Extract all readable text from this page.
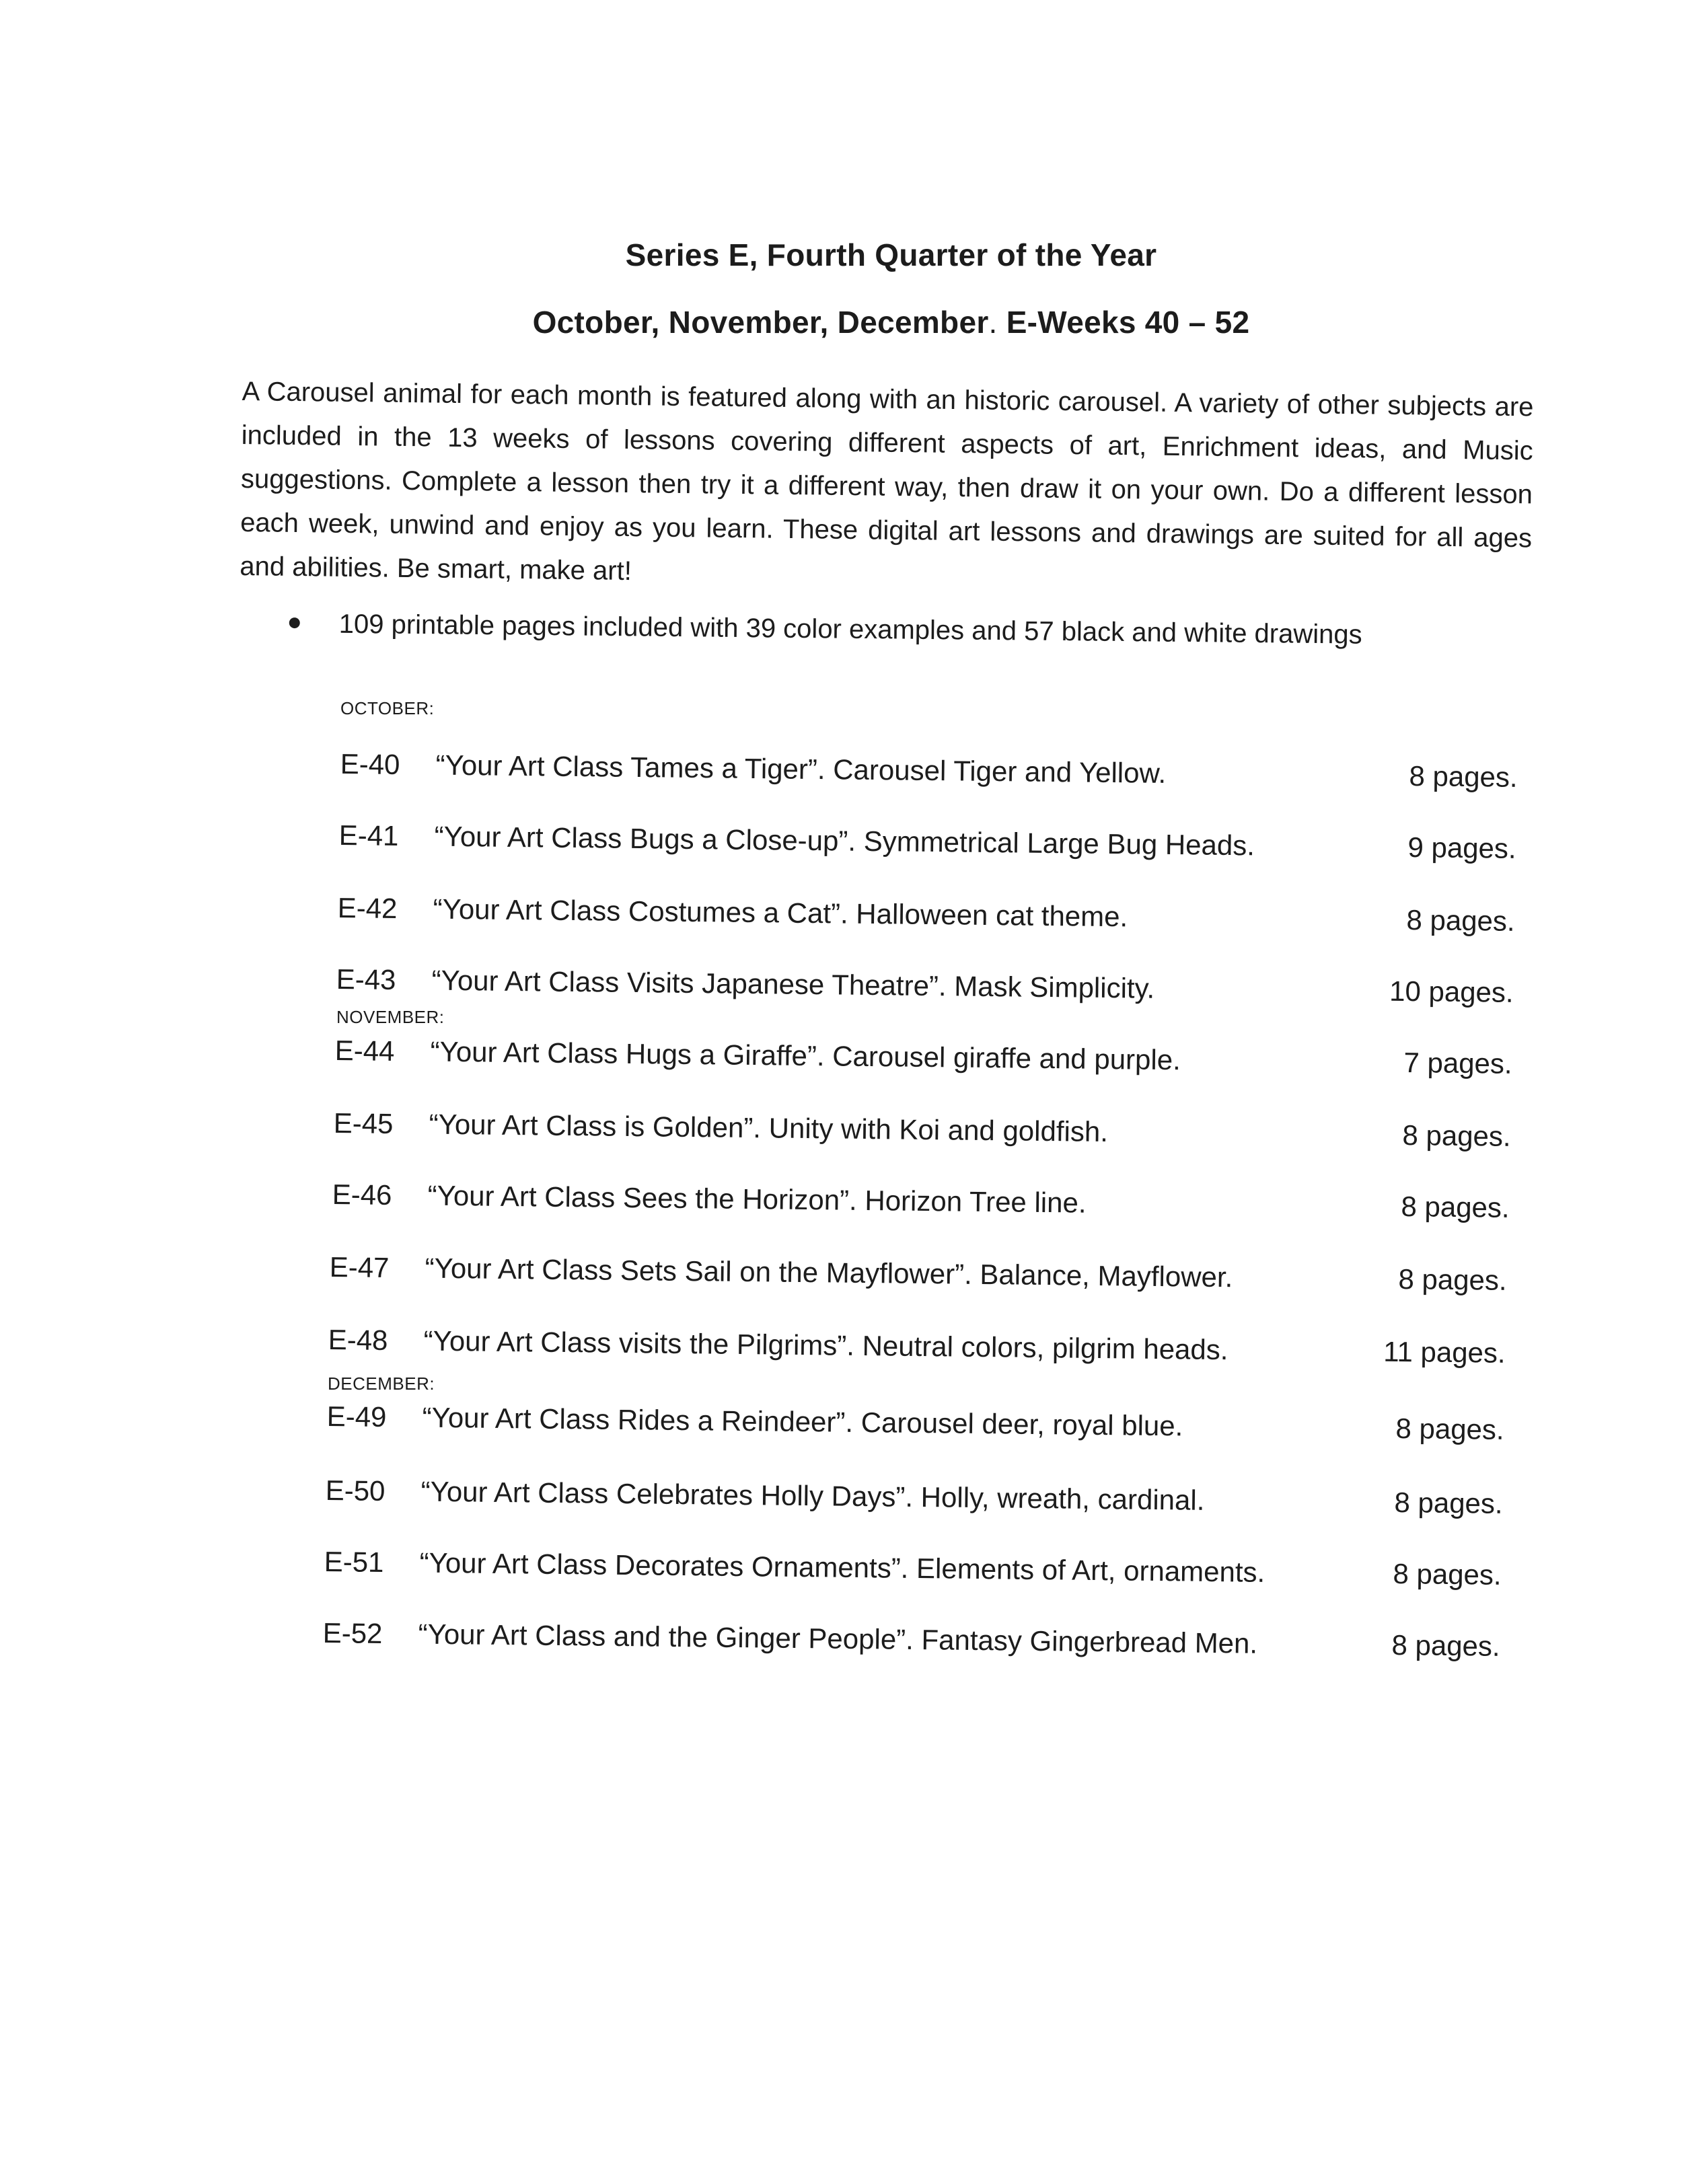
Series E, Fourth Quarter of the Year
October, November, December. E-Weeks 40 – 52
A Carousel animal for each month is featured along with an historic carousel. A variety of other subjects are included in the 13 weeks of lessons covering different aspects of art, Enrichment ideas, and Music suggestions. Complete a lesson then try it a different way, then draw it on your own. Do a different lesson each week, unwind and enjoy as you learn. These digital art lessons and drawings are suited for all ages and abilities. Be smart, make art!
109 printable pages included with 39 color examples and 57 black and white drawings
OCTOBER:
NOVEMBER:
DECEMBER:
E-40 “Your Art Class Tames a Tiger”. Carousel Tiger and Yellow.	8 pages.
E-41 “Your Art Class Bugs a Close-up”. Symmetrical Large Bug Heads.	9 pages.
E-42 “Your Art Class Costumes a Cat”. Halloween cat theme.	8 pages.
E-43 “Your Art Class Visits Japanese Theatre”. Mask Simplicity.	10 pages.
E-44 “Your Art Class Hugs a Giraffe”. Carousel giraffe and purple.	7 pages.
E-45 “Your Art Class is Golden”. Unity with Koi and goldfish.	8 pages.
E-46 “Your Art Class Sees the Horizon”. Horizon Tree line.	8 pages.
E-47 “Your Art Class Sets Sail on the Mayflower”. Balance, Mayflower.	8 pages.
E-48 “Your Art Class visits the Pilgrims”. Neutral colors, pilgrim heads.	11 pages.
E-49 “Your Art Class Rides a Reindeer”. Carousel deer, royal blue.	8 pages.
E-50 “Your Art Class Celebrates Holly Days”. Holly, wreath, cardinal.	8 pages.
E-51 “Your Art Class Decorates Ornaments”. Elements of Art, ornaments.	8 pages.
E-52 “Your Art Class and the Ginger People”. Fantasy Gingerbread Men.	8 pages.
